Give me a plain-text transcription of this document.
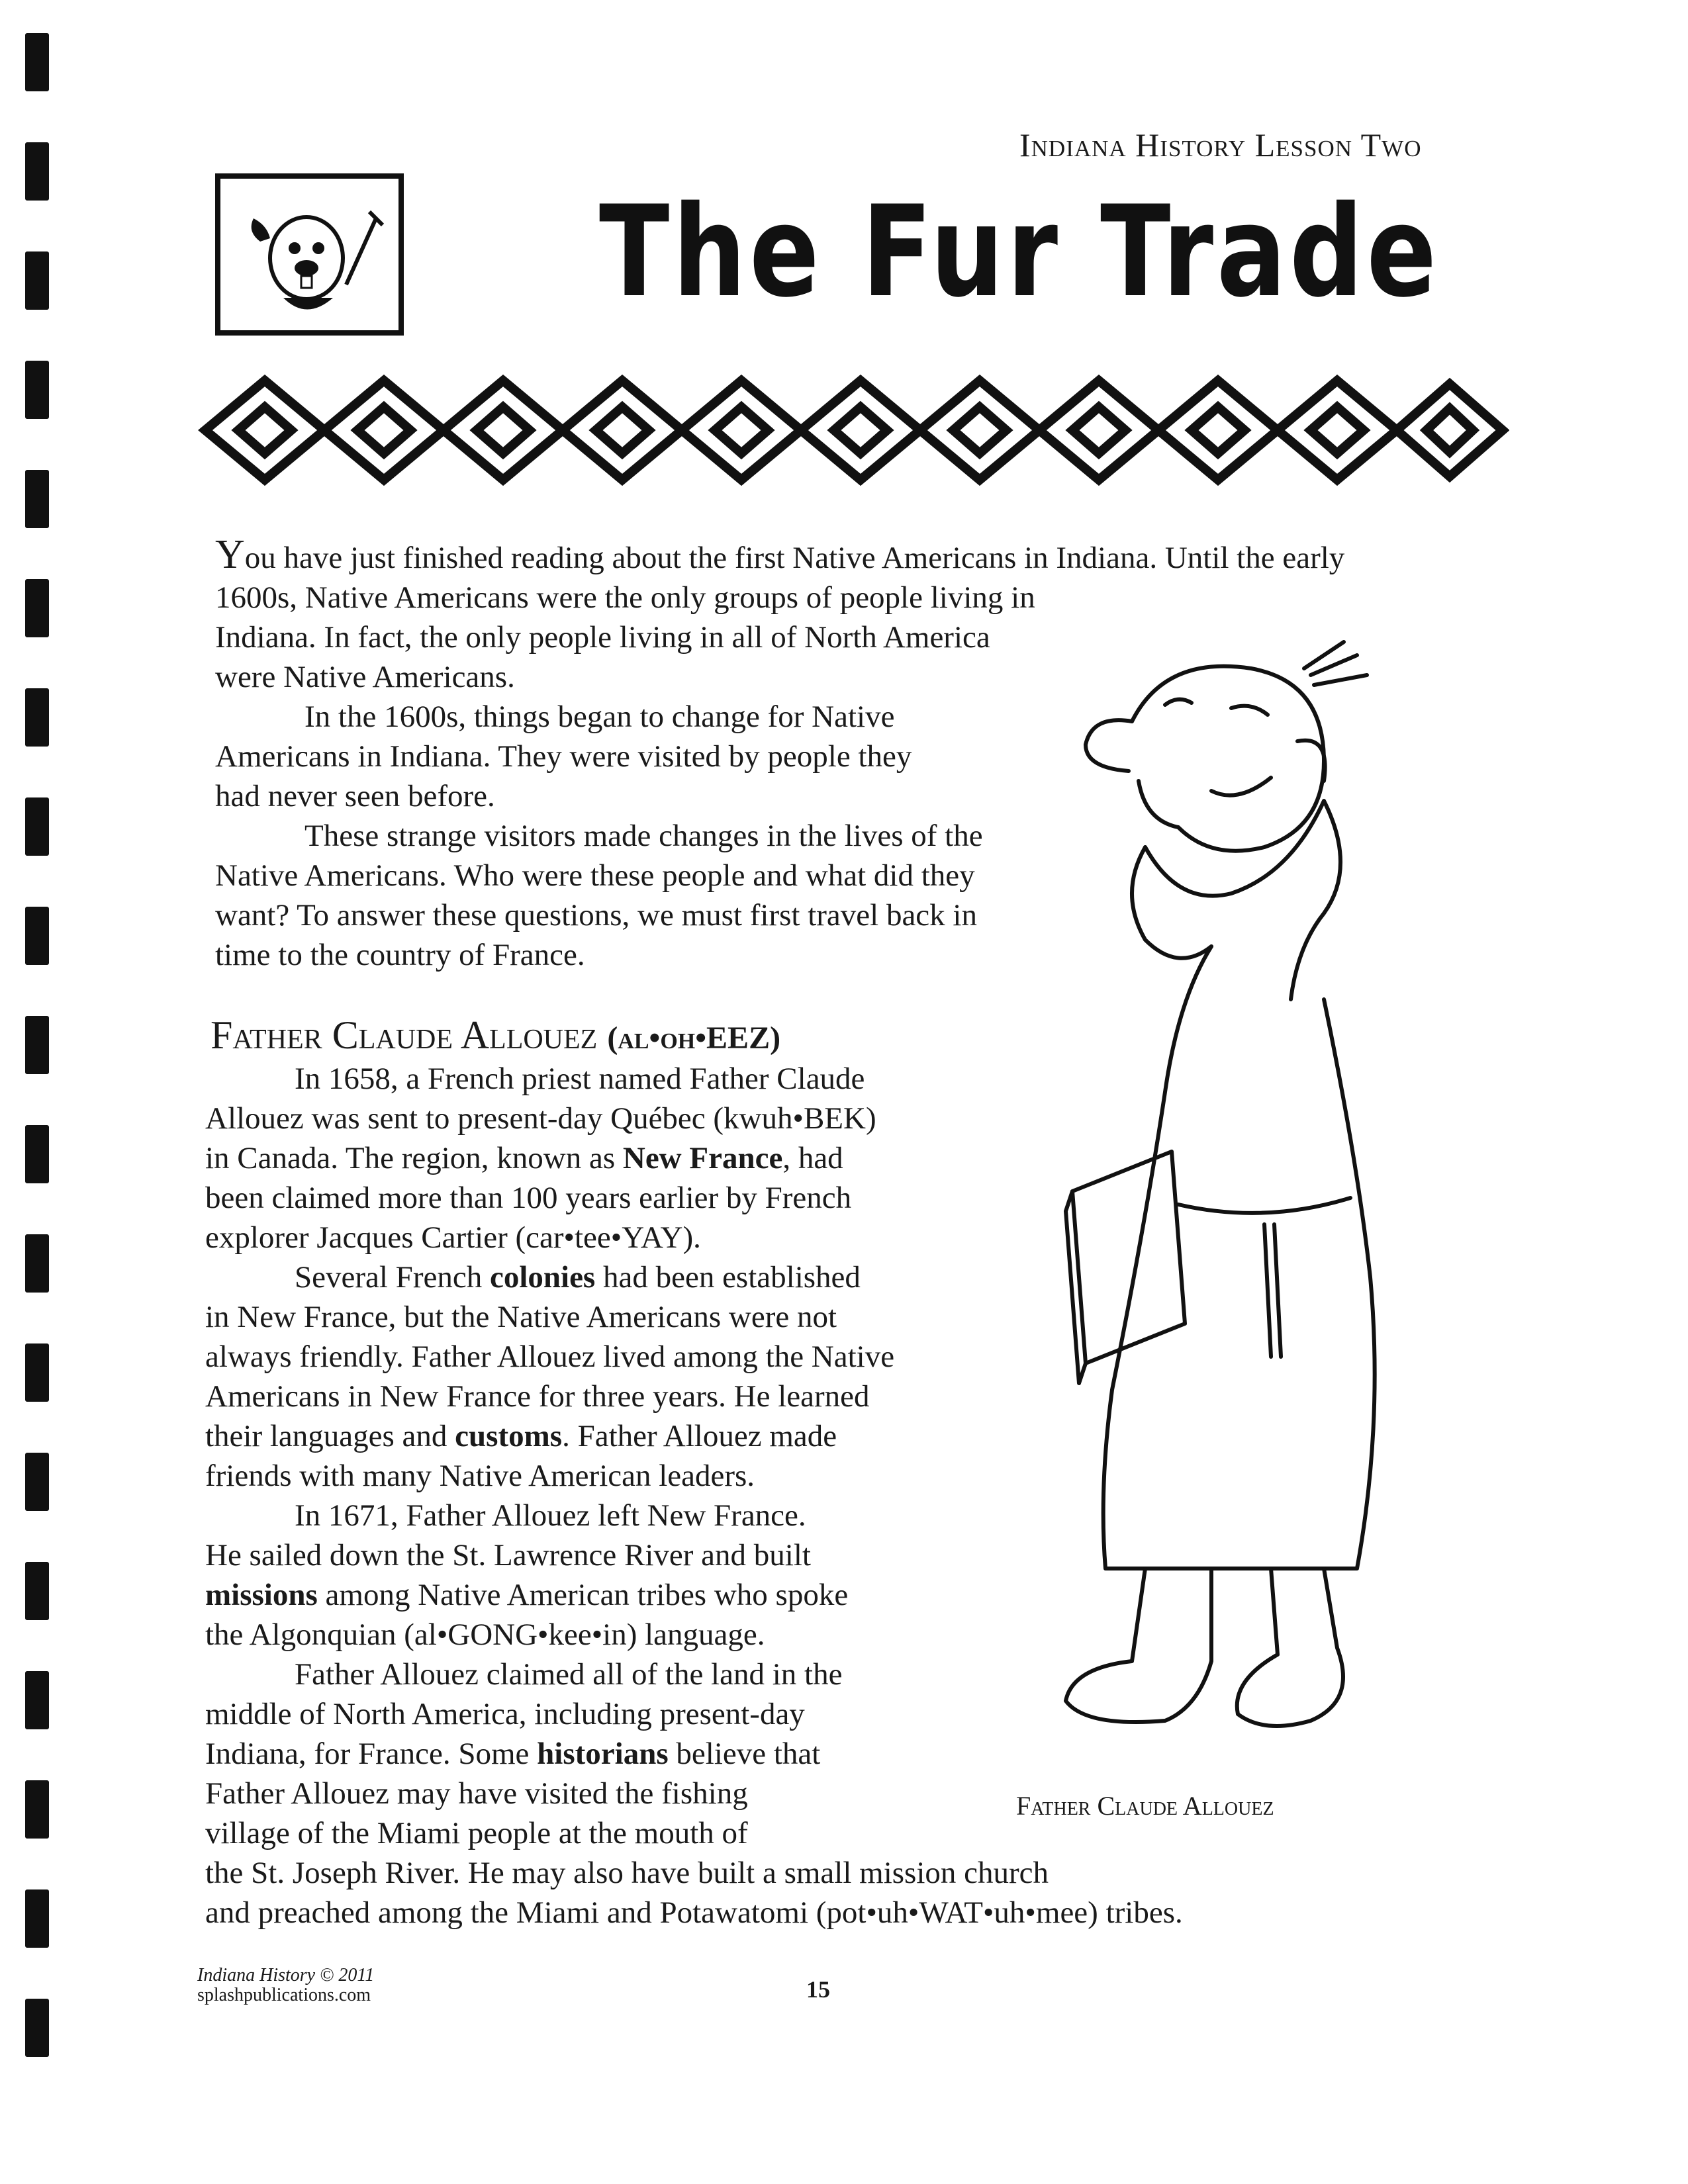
Indiana History Lesson Two
The Fur Trade

You have just finished reading about the first Native Americans in Indiana. Until the early

1600s, Native Americans were the only groups of people living in

Indiana. In fact, the only people living in all of North America

were Native Americans.

In the 1600s, things began to change for Native

Americans in Indiana. They were visited by people they

had never seen before.

These strange visitors made changes in the lives of the

Native Americans. Who were these people and what did they

want? To answer these questions, we must first travel back in

time to the country of France.

Father Claude Allouez (al•oh•EEZ)

In 1658, a French priest named Father Claude

Allouez was sent to present-day Québec (kwuh•BEK)

in Canada. The region, known as New France, had

been claimed more than 100 years earlier by French

explorer Jacques Cartier (car•tee•YAY).

Several French colonies had been established

in New France, but the Native Americans were not

always friendly. Father Allouez lived among the Native

Americans in New France for three years. He learned

their languages and customs. Father Allouez made

friends with many Native American leaders.

In 1671, Father Allouez left New France.

He sailed down the St. Lawrence River and built

missions among Native American tribes who spoke

the Algonquian (al•GONG•kee•in) language.

Father Allouez claimed all of the land in the

middle of North America, including present-day

Indiana, for France. Some historians believe that

Father Allouez may have visited the fishing

village of the Miami people at the mouth of

the St. Joseph River. He may also have built a small mission church

and preached among the Miami and Potawatomi (pot•uh•WAT•uh•mee) tribes.

Father Claude Allouez
Indiana History © 2011
splashpublications.com	15
